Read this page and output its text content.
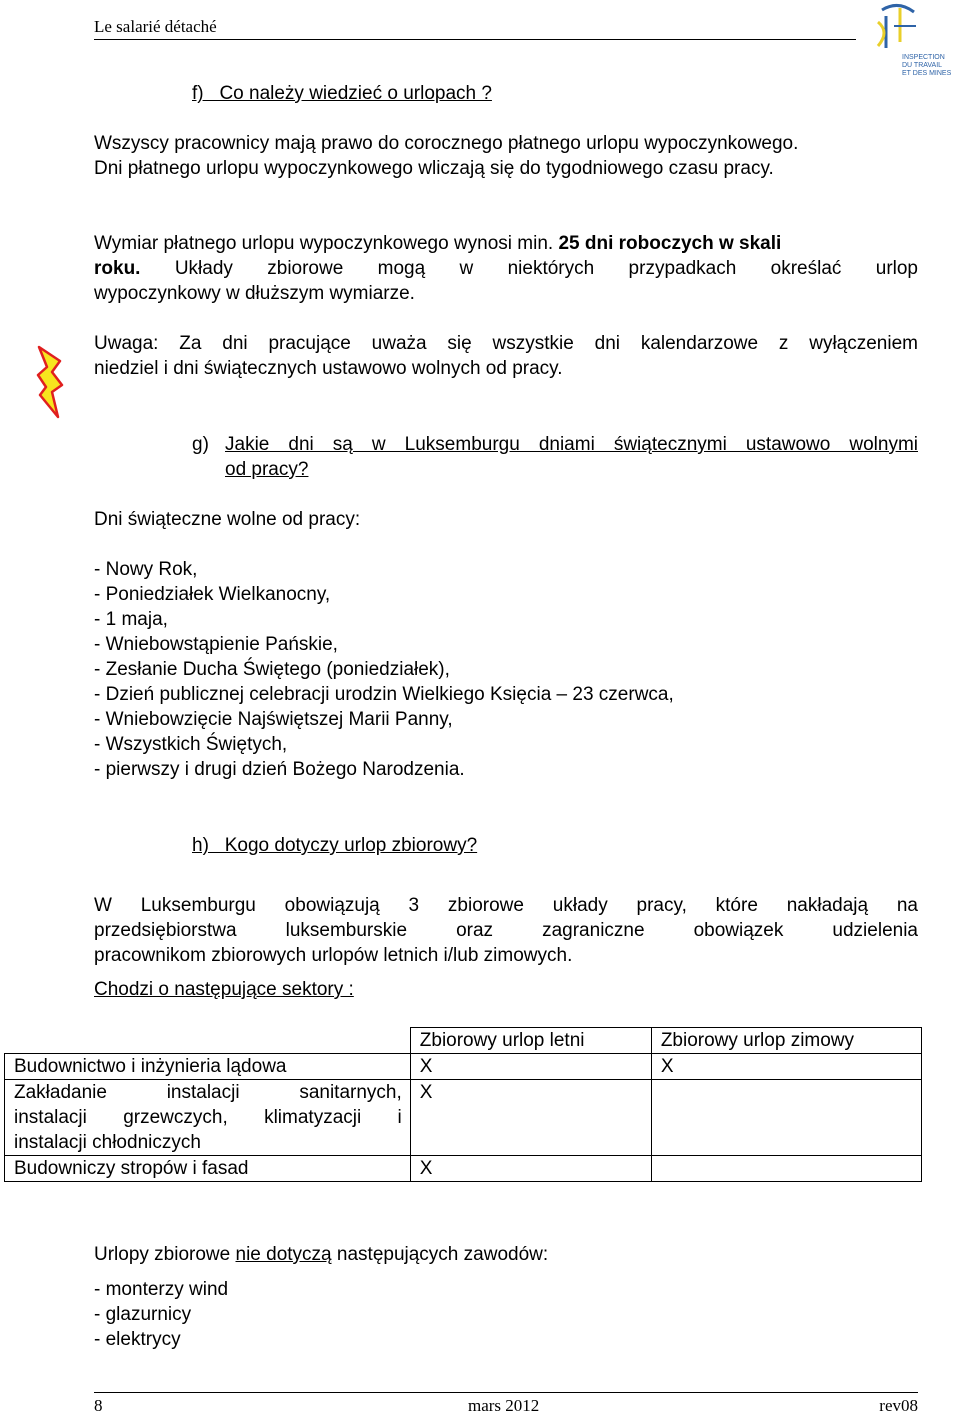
Le salarié détaché
INSPECTION
DU TRAVAIL
ET DES MINES
f)   Co należy wiedzieć o urlopach ?
Wszyscy pracownicy mają prawo do corocznego płatnego urlopu wypoczynkowego.
Dni płatnego urlopu wypoczynkowego wliczają się do tygodniowego czasu pracy.
Wymiar płatnego urlopu wypoczynkowego wynosi min. 25 dni roboczych w skali
roku. Układy zbiorowe mogą w niektórych przypadkach określać urlop
wypoczynkowy w dłuższym wymiarze.
Uwaga: Za dni pracujące uważa się wszystkie dni kalendarzowe z wyłączeniem
niedziel i dni świątecznych ustawowo wolnych od pracy.
g) Jakie dni są w Luksemburgu dniami świątecznymi ustawowo wolnymi
od pracy?
Dni świąteczne wolne od pracy:
- Nowy Rok,
- Poniedziałek Wielkanocny,
- 1 maja,
- Wniebowstąpienie Pańskie,
- Zesłanie Ducha Świętego (poniedziałek),
- Dzień publicznej celebracji urodzin Wielkiego Księcia – 23 czerwca,
- Wniebowzięcie Najświętszej Marii Panny,
- Wszystkich Świętych,
- pierwszy i drugi dzień Bożego Narodzenia.
h)   Kogo dotyczy urlop zbiorowy?
W Luksemburgu obowiązują 3 zbiorowe układy pracy, które nakładają na
przedsiębiorstwa luksemburskie oraz zagraniczne obowiązek udzielenia
pracownikom zbiorowych urlopów letnich i/lub zimowych.
Chodzi o następujące sektory :
	Zbiorowy urlop letni	Zbiorowy urlop zimowy

Budownictwo i inżynieria lądowa	X	X

Zakładanie instalacji sanitarnych,
instalacji grzewczych, klimatyzacji i
instalacji chłodniczych	X	

Budowniczy stropów i fasad	X	
Urlopy zbiorowe nie dotyczą następujących zawodów:
- monterzy wind
- glazurnicy
- elektrycy
8	mars 2012	rev08
